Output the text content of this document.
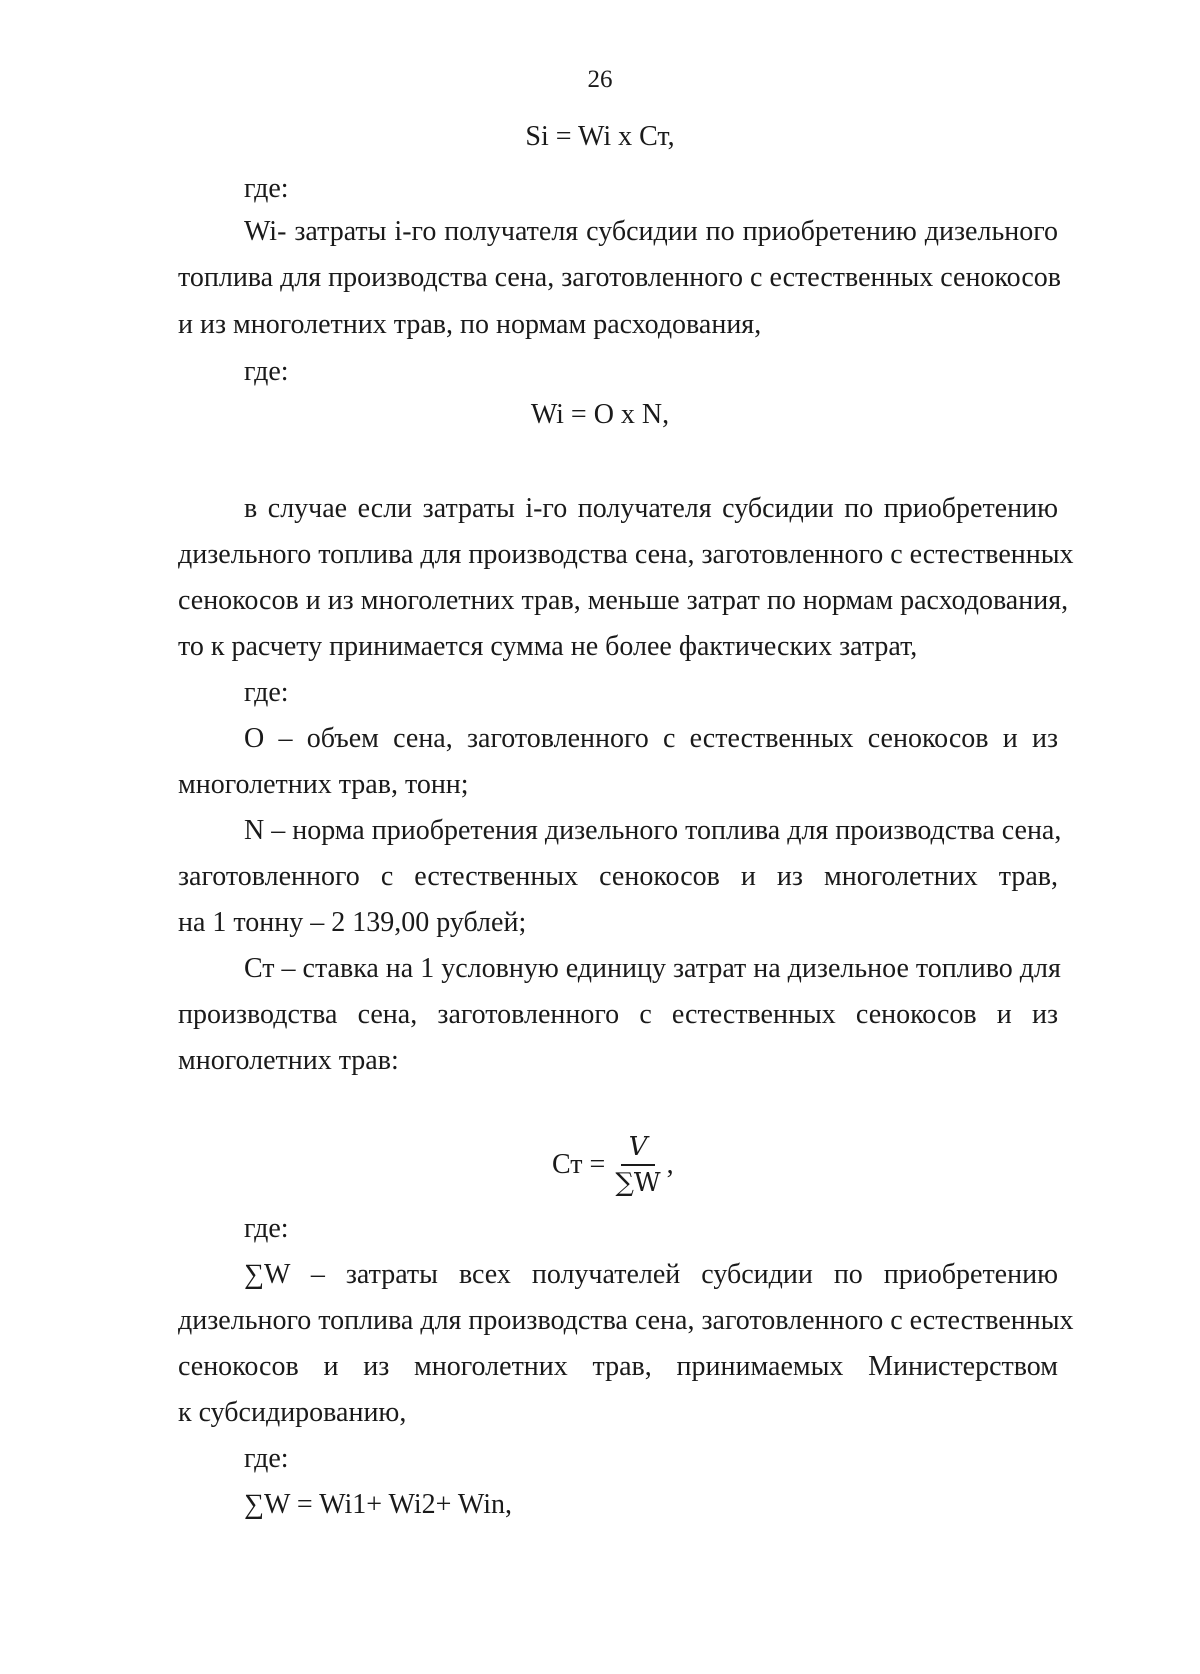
26
Si = Wi x Ст,
где:
Wi- затраты i-го получателя субсидии по приобретению дизельного
топлива для производства сена, заготовленного с естественных сенокосов
и из многолетних трав, по нормам расходования,
где:
Wi = O x N,
в случае если затраты i-го получателя субсидии по приобретению
дизельного топлива для производства сена, заготовленного с естественных
сенокосов и из многолетних трав, меньше затрат по нормам расходования,
то к расчету принимается сумма не более фактических затрат,
где:
O – объем сена, заготовленного с естественных сенокосов и из
многолетних трав, тонн;
N – норма приобретения дизельного топлива для производства сена,
заготовленного с естественных сенокосов и из многолетних трав,
на 1 тонну – 2 139,00 рублей;
Ст – ставка на 1 условную единицу затрат на дизельное топливо для
производства сена, заготовленного с естественных сенокосов и из
многолетних трав:
Ст = $\frac{V}{\sum W}$ ,
где:
∑W – затраты всех получателей субсидии по приобретению
дизельного топлива для производства сена, заготовленного с естественных
сенокосов и из многолетних трав, принимаемых Министерством
к субсидированию,
где:
∑W = Wi1+ Wi2+ Win,
